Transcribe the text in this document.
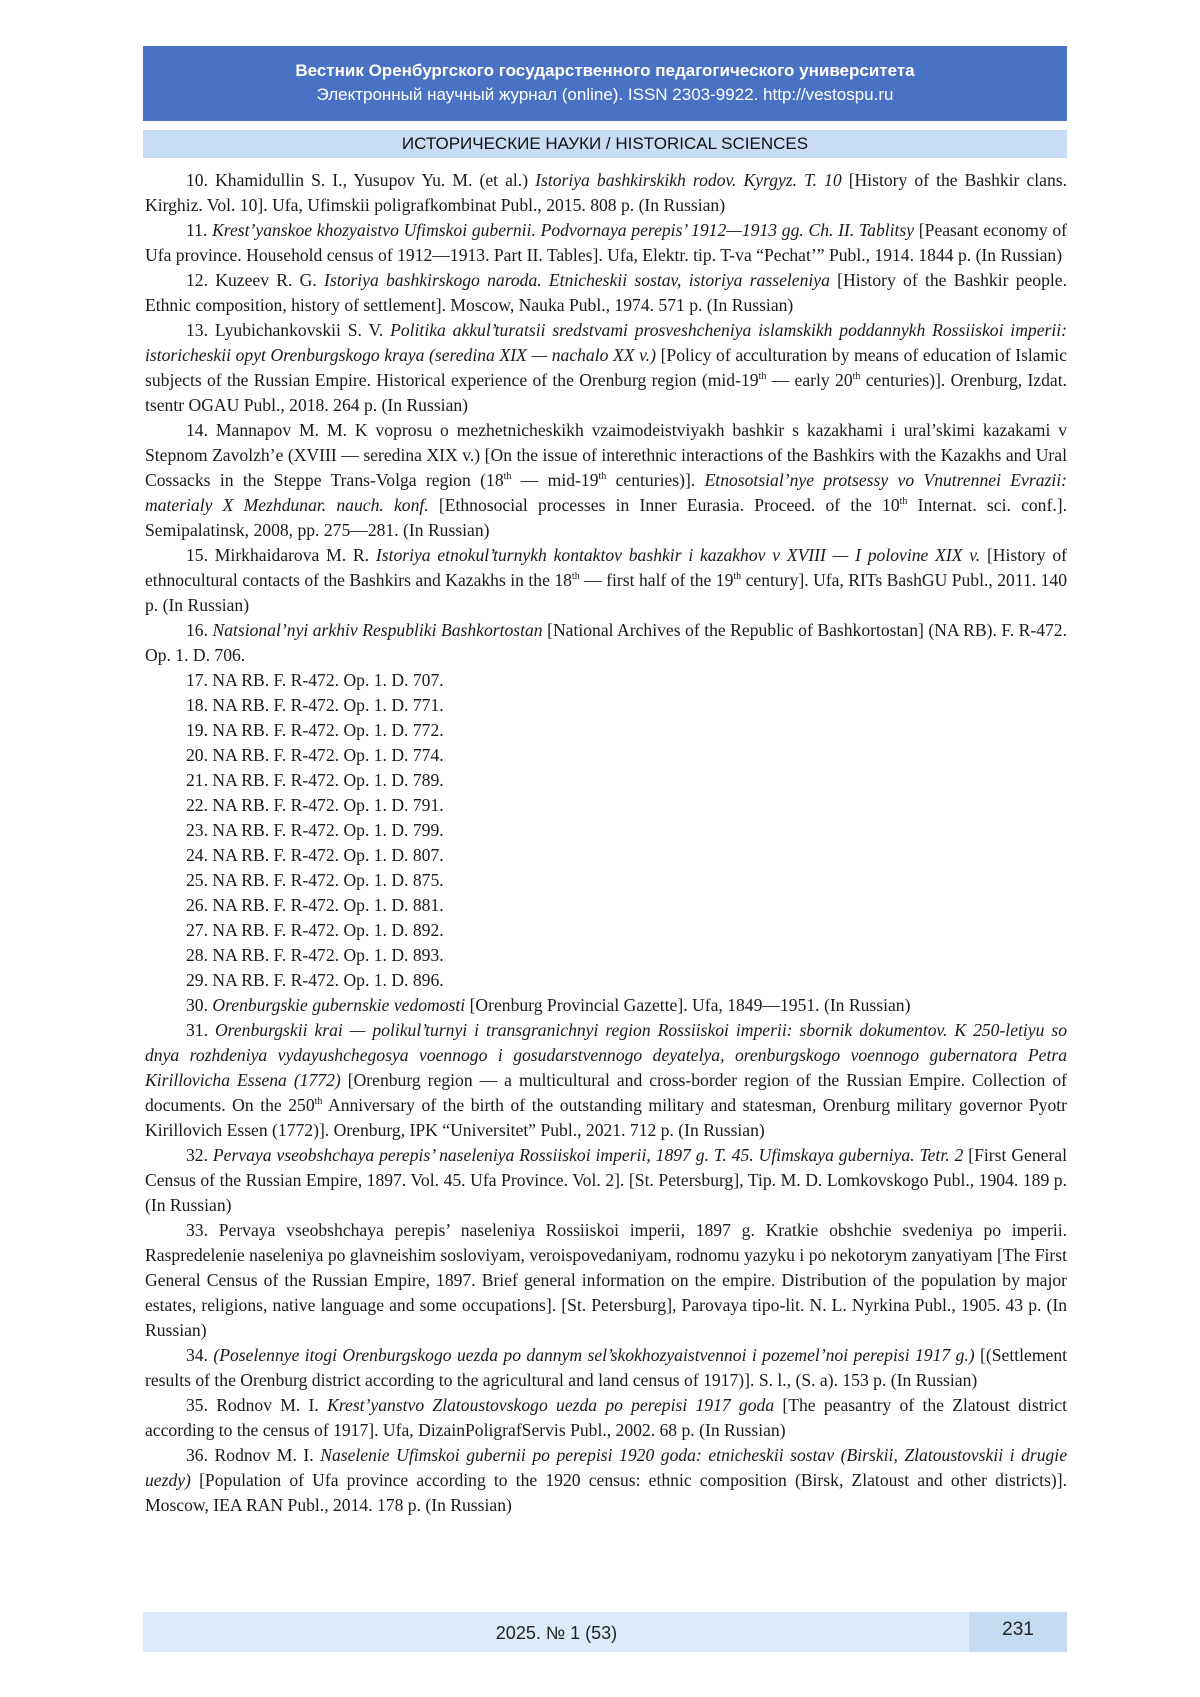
Вестник Оренбургского государственного педагогического университета
Электронный научный журнал (online). ISSN 2303-9922. http://vestospu.ru
ИСТОРИЧЕСКИЕ НАУКИ / HISTORICAL SCIENCES

10. Khamidullin S. I., Yusupov Yu. M. (et al.) Istoriya bashkirskikh rodov. Kyrgyz. T. 10 [History of the Bashkir clans. Kirghiz. Vol. 10]. Ufa, Ufimskii poligrafkombinat Publ., 2015. 808 p. (In Russian)

11. Krest’yanskoe khozyaistvo Ufimskoi gubernii. Podvornaya perepis’ 1912—1913 gg. Ch. II. Tablitsy [Peasant economy of Ufa province. Household census of 1912—1913. Part II. Tables]. Ufa, Elektr. tip. T-va “Pechat’” Publ., 1914. 1844 p. (In Russian)

12. Kuzeev R. G. Istoriya bashkirskogo naroda. Etnicheskii sostav, istoriya rasseleniya [History of the Bashkir people. Ethnic composition, history of settlement]. Moscow, Nauka Publ., 1974. 571 p. (In Russian)

13. Lyubichankovskii S. V. Politika akkul’turatsii sredstvami prosveshcheniya islamskikh poddannykh Rossiiskoi imperii: istoricheskii opyt Orenburgskogo kraya (seredina XIX — nachalo XX v.) [Policy of acculturation by means of education of Islamic subjects of the Russian Empire. Historical experience of the Orenburg region (mid-19th — early 20th centuries)]. Orenburg, Izdat. tsentr OGAU Publ., 2018. 264 p. (In Russian)

14. Mannapov M. M. K voprosu o mezhetnicheskikh vzaimodeistviyakh bashkir s kazakhami i ural’skimi kazakami v Stepnom Zavolzh’e (XVIII — seredina XIX v.) [On the issue of interethnic interactions of the Bashkirs with the Kazakhs and Ural Cossacks in the Steppe Trans-Volga region (18th — mid-19th centuries)]. Etnosotsial’nye protsessy vo Vnutrennei Evrazii: materialy X Mezhdunar. nauch. konf. [Ethnosocial processes in Inner Eurasia. Proceed. of the 10th Internat. sci. conf.]. Semipalatinsk, 2008, pp. 275—281. (In Russian)

15. Mirkhaidarova M. R. Istoriya etnokul’turnykh kontaktov bashkir i kazakhov v XVIII — I polovine XIX v. [History of ethnocultural contacts of the Bashkirs and Kazakhs in the 18th — first half of the 19th century]. Ufa, RITs BashGU Publ., 2011. 140 p. (In Russian)

16. Natsional’nyi arkhiv Respubliki Bashkortostan [National Archives of the Republic of Bashkortostan] (NA RB). F. R-472. Op. 1. D. 706.

17. NA RB. F. R-472. Op. 1. D. 707.

18. NA RB. F. R-472. Op. 1. D. 771.

19. NA RB. F. R-472. Op. 1. D. 772.

20. NA RB. F. R-472. Op. 1. D. 774.

21. NA RB. F. R-472. Op. 1. D. 789.

22. NA RB. F. R-472. Op. 1. D. 791.

23. NA RB. F. R-472. Op. 1. D. 799.

24. NA RB. F. R-472. Op. 1. D. 807.

25. NA RB. F. R-472. Op. 1. D. 875.

26. NA RB. F. R-472. Op. 1. D. 881.

27. NA RB. F. R-472. Op. 1. D. 892.

28. NA RB. F. R-472. Op. 1. D. 893.

29. NA RB. F. R-472. Op. 1. D. 896.

30. Orenburgskie gubernskie vedomosti [Orenburg Provincial Gazette]. Ufa, 1849—1951. (In Russian)

31. Orenburgskii krai — polikul’turnyi i transgranichnyi region Rossiiskoi imperii: sbornik dokumentov. K 250-letiyu so dnya rozhdeniya vydayushchegosya voennogo i gosudarstvennogo deyatelya, orenburgskogo voennogo gubernatora Petra Kirillovicha Essena (1772) [Orenburg region — a multicultural and cross-border region of the Russian Empire. Collection of documents. On the 250th Anniversary of the birth of the outstanding military and statesman, Orenburg military governor Pyotr Kirillovich Essen (1772)]. Orenburg, IPK “Universitet” Publ., 2021. 712 p. (In Russian)

32. Pervaya vseobshchaya perepis’ naseleniya Rossiiskoi imperii, 1897 g. T. 45. Ufimskaya guberniya. Tetr. 2 [First General Census of the Russian Empire, 1897. Vol. 45. Ufa Province. Vol. 2]. [St. Petersburg], Tip. M. D. Lomkovskogo Publ., 1904. 189 p. (In Russian)

33. Pervaya vseobshchaya perepis’ naseleniya Rossiiskoi imperii, 1897 g. Kratkie obshchie svedeniya po imperii. Raspredelenie naseleniya po glavneishim sosloviyam, veroispovedaniyam, rodnomu yazyku i po nekotorym zanyatiyam [The First General Census of the Russian Empire, 1897. Brief general information on the empire. Distribution of the population by major estates, religions, native language and some occupations]. [St. Petersburg], Parovaya tipo-lit. N. L. Nyrkina Publ., 1905. 43 p. (In Russian)

34. (Poselennye itogi Orenburgskogo uezda po dannym sel’skokhozyaistvennoi i pozemel’noi perepisi 1917 g.) [(Settlement results of the Orenburg district according to the agricultural and land census of 1917)]. S. l., (S. a). 153 p. (In Russian)

35. Rodnov M. I. Krest’yanstvo Zlatoustovskogo uezda po perepisi 1917 goda [The peasantry of the Zlatoust district according to the census of 1917]. Ufa, DizainPoligrafServis Publ., 2002. 68 p. (In Russian)

36. Rodnov M. I. Naselenie Ufimskoi gubernii po perepisi 1920 goda: etnicheskii sostav (Birskii, Zlatoustovskii i drugie uezdy) [Population of Ufa province according to the 1920 census: ethnic composition (Birsk, Zlatoust and other districts)]. Moscow, IEA RAN Publ., 2014. 178 p. (In Russian)

2025. № 1 (53)	231
